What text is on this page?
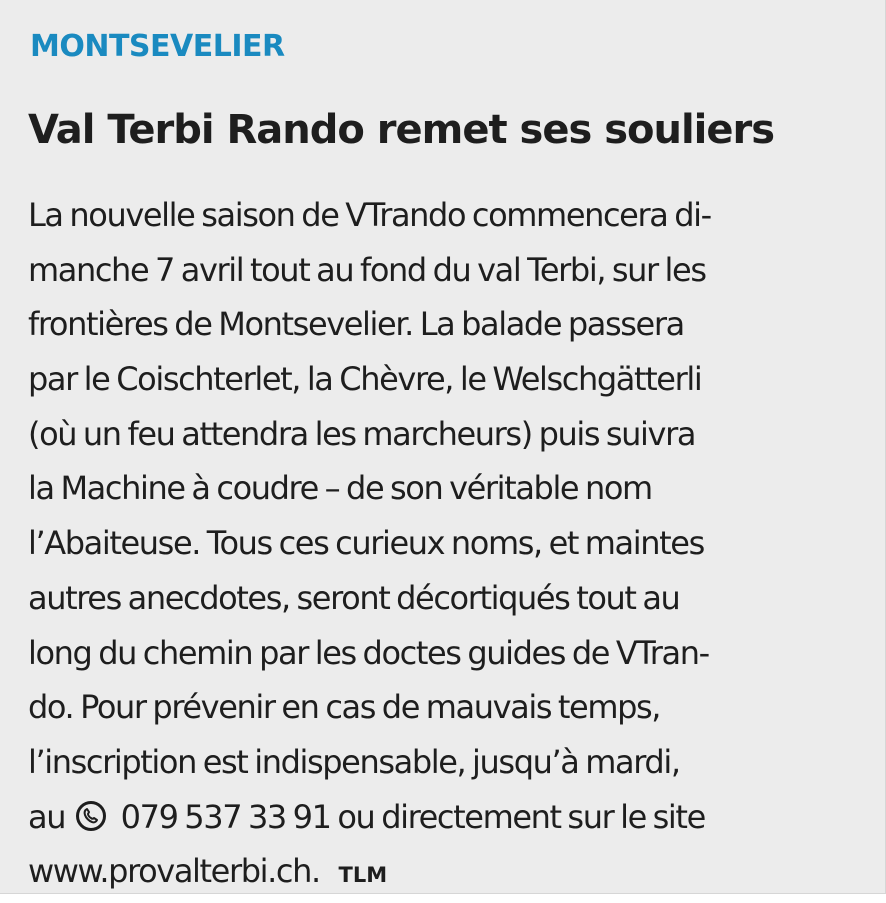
MONTSEVELIER
Val Terbi Rando remet ses souliers
La nouvelle saison de VTrando commencera di-
manche 7 avril tout au fond du val Terbi, sur les
frontières de Montsevelier. La balade passera
par le Coischterlet, la Chèvre, le Welschgätterli
(où un feu attendra les marcheurs) puis suivra
la Machine à coudre – de son véritable nom
l’Abaiteuse. Tous ces curieux noms, et maintes
autres anecdotes, seront décortiqués tout au
long du chemin par les doctes guides de VTran-
do. Pour prévenir en cas de mauvais temps,
l’inscription est indispensable, jusqu’à mardi,
au 079 537 33 91 ou directement sur le site
www.provalterbi.ch. TLM
